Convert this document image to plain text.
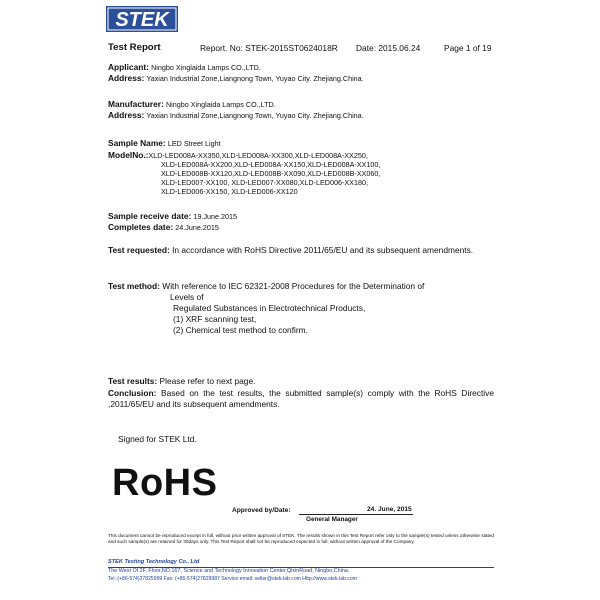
STEK
Test Report	Report. No: STEK-2015ST0624018R Date: 2015.06.24	Page 1 of 19
Applicant: Ningbo Xinglaida Lamps CO.,LTD.
Address: Yaxian Industrial Zone,Liangnong Town, Yuyao City. Zhejiang.China.
Manufacturer: Ningbo Xinglaida Lamps CO.,LTD.
Address: Yaxian Industrial Zone,Liangnong Town, Yuyao City. Zhejiang.China.
Sample Name: LED Street Light
ModelNo.:XLD-LED008A-XX350,XLD-LED008A-XX300,XLD-LED008A-XX250,
XLD-LED008A-XX200,XLD-LED008A-XX150,XLD-LED008A-XX100,
XLD-LED008B-XX120,XLD-LED008B-XX090,XLD-LED008B-XX060,
XLD-LED007-XX100, XLD-LED007-XX080,XLD-LED006-XX180,
XLD-LED006-XX150, XLD-LED006-XX120
Sample receive date: 19.June.2015
Completes date: 24.June.2015
Test requested: In accordance with RoHS Directive 2011/65/EU and its subsequent amendments.
Test method: With reference to IEC 62321-2008 Procedures for the Determination of
Levels of
Regulated Substances in Electrotechnical Products,
(1) XRF scanning test,
(2) Chemical test method to confirm.
Test results: Please refer to next page.
Conclusion: Based on the test results, the submitted sample(s) comply with the RoHS Directive ,2011/65/EU and its subsequent amendments.
Signed for STEK Ltd.
RoHS
Approved by/Date:	24. June, 2015
General Manager
This document cannot be reproduced except in full, without prior written approval of STEK. The results shown in this Test Report refer only to the sample(s) tested unless otherwise stated and such sample(s) are retained for 30days only. This Test Report shall not be reproduced expected in full, without written approval of the Company.
STEK Testing Technology Co., Ltd
The West Of 2F, Floor,NO.167, Science and Technology Innovation Center,QixinRoad, Ningbo,China.
Tel.:(+86-574)27825999 Fax: (+86-574)27829987 Service email: seller@stek-lab.com Http://www.stek-lab.com
